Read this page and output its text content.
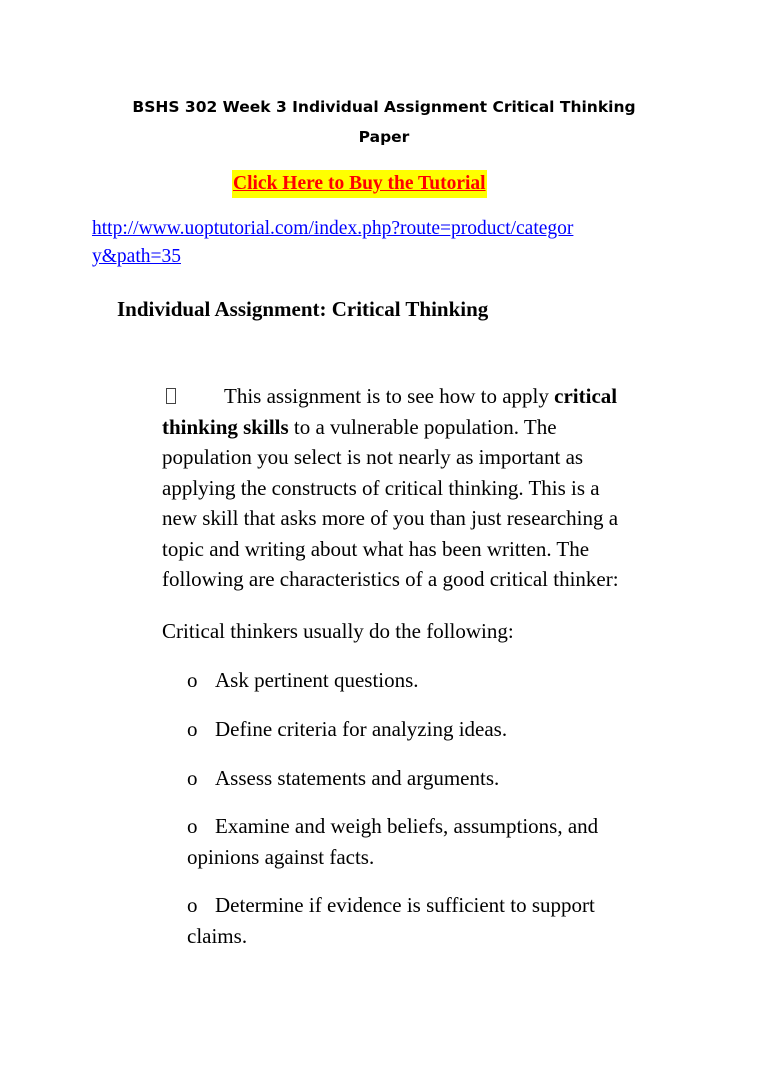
BSHS 302 Week 3 Individual Assignment Critical Thinking
Paper
Click Here to Buy the Tutorial
http://www.uoptutorial.com/index.php?route=product/categor
y&path=35
Individual Assignment: Critical Thinking
This assignment is to see how to apply critical
thinking skills to a vulnerable population. The
population you select is not nearly as important as
applying the constructs of critical thinking. This is a
new skill that asks more of you than just researching a
topic and writing about what has been written. The
following are characteristics of a good critical thinker:
Critical thinkers usually do the following:
o Ask pertinent questions.
o Define criteria for analyzing ideas.
o Assess statements and arguments.
o Examine and weigh beliefs, assumptions, and
opinions against facts.
o Determine if evidence is sufficient to support
claims.
